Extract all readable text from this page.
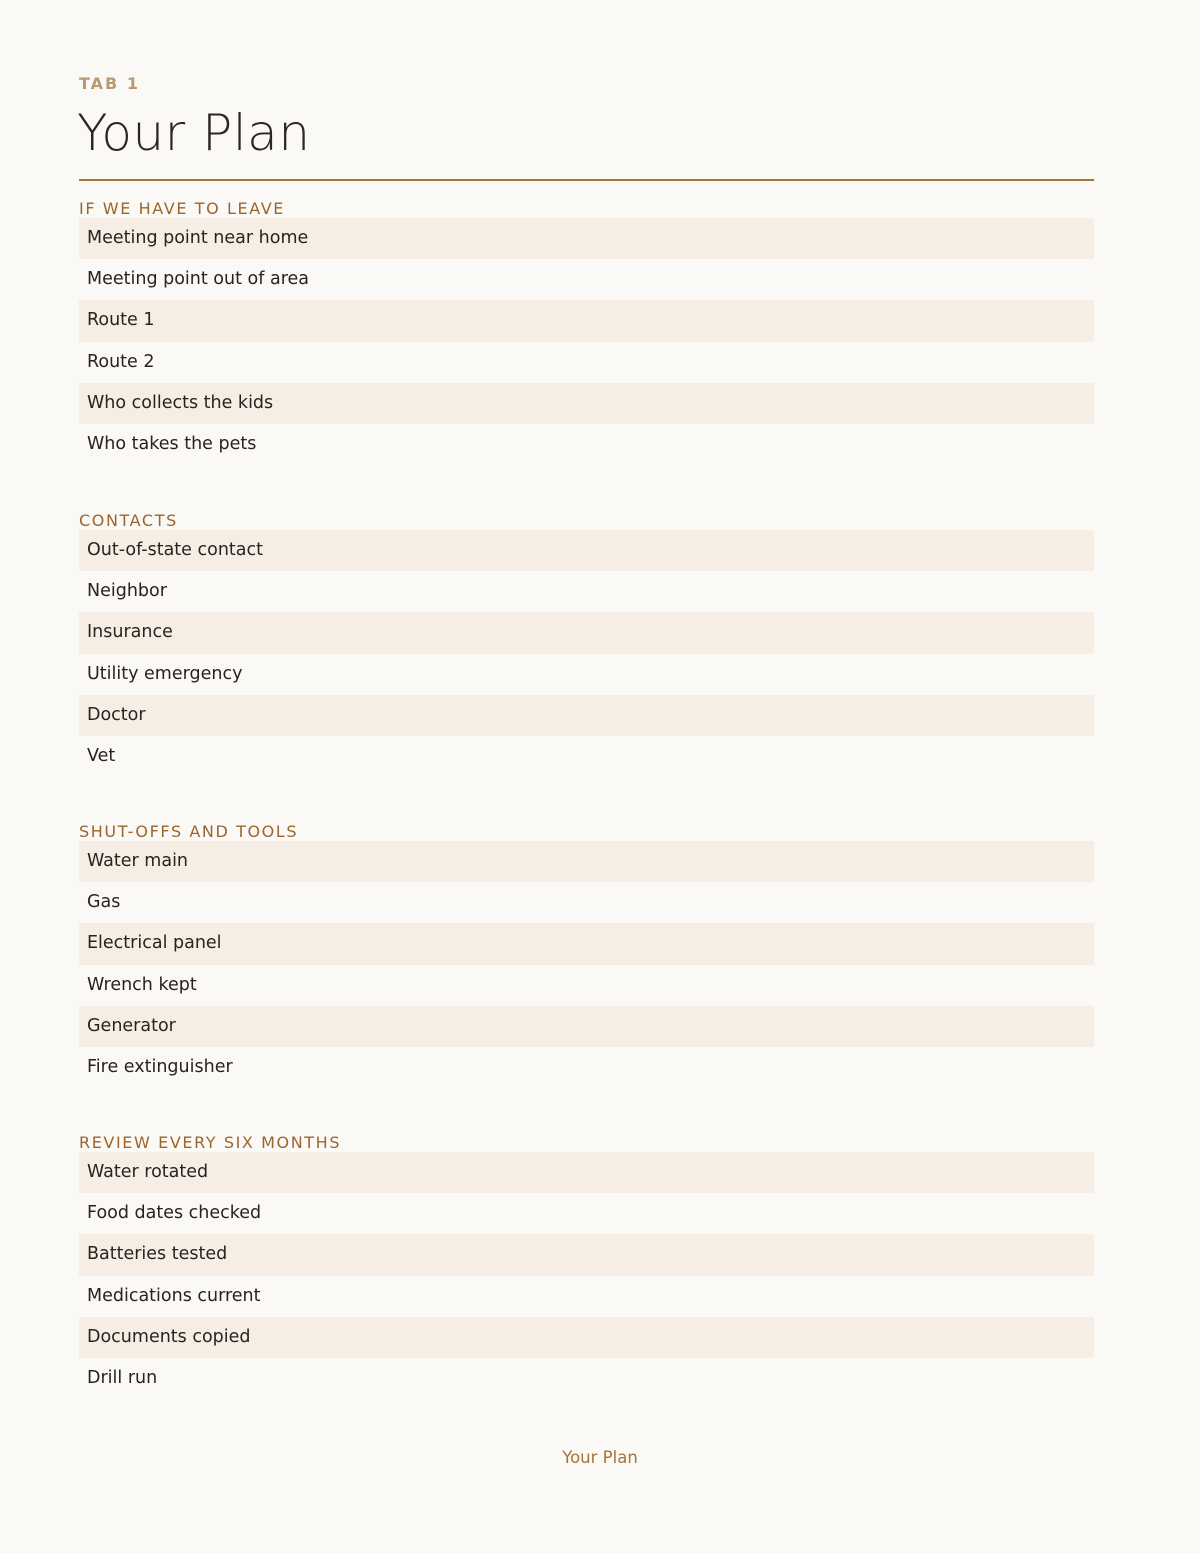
TAB 1
Your Plan
IF WE HAVE TO LEAVE
Meeting point near home
Meeting point out of area
Route 1
Route 2
Who collects the kids
Who takes the pets
CONTACTS
Out-of-state contact
Neighbor
Insurance
Utility emergency
Doctor
Vet
SHUT-OFFS AND TOOLS
Water main
Gas
Electrical panel
Wrench kept
Generator
Fire extinguisher
REVIEW EVERY SIX MONTHS
Water rotated
Food dates checked
Batteries tested
Medications current
Documents copied
Drill run
Your Plan
